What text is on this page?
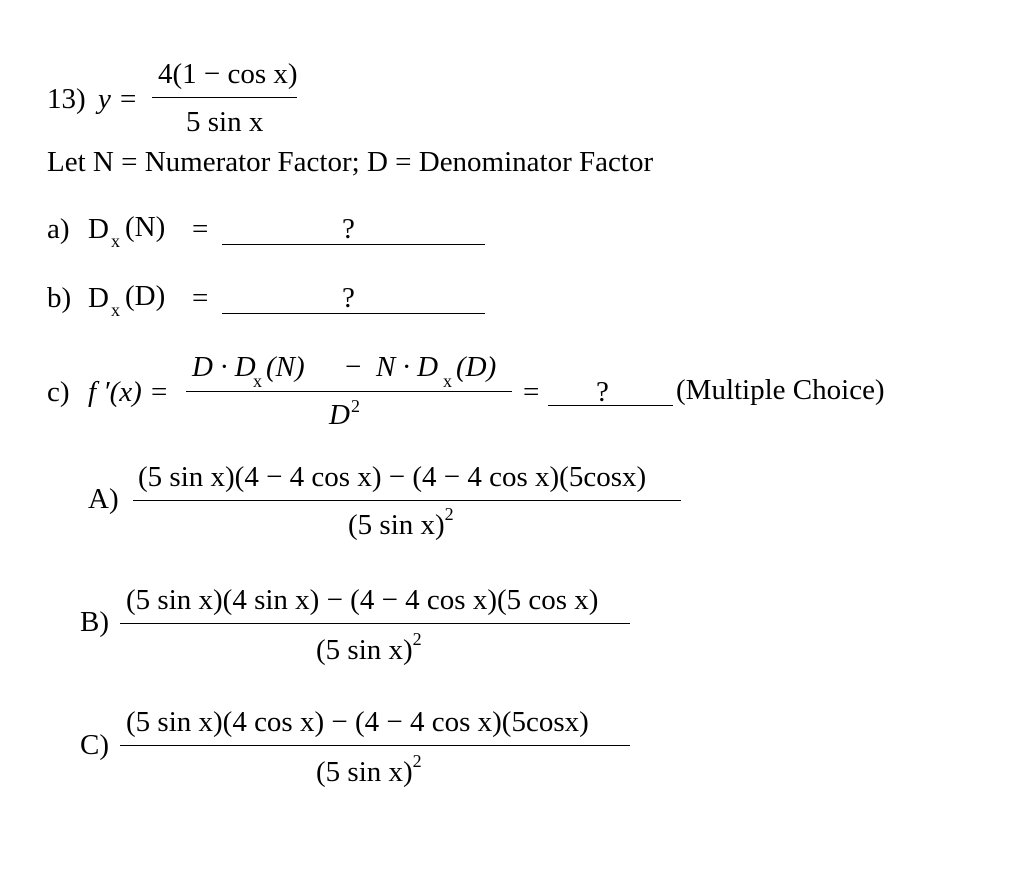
13) y =
4(1 − cos x)
5 sin x
Let N = Numerator Factor; D = Denominator Factor
a) D x (N) =	?
b) D x (D) =	?
c) f ′(x) =
D · D
x (N) − N · D x (D)
D 2	= ? (Multiple Choice)
A)
(5 sin x)(4 − 4 cos x) − (4 − 4 cos x)(5cosx)
(5 sin x)$^2$
B)
(5 sin x)(4 sin x) − (4 − 4 cos x)(5 cos x)
(5 sin x)$^2$
C)
(5 sin x)(4 cos x) − (4 − 4 cos x)(5cosx)
(5 sin x)$^2$
